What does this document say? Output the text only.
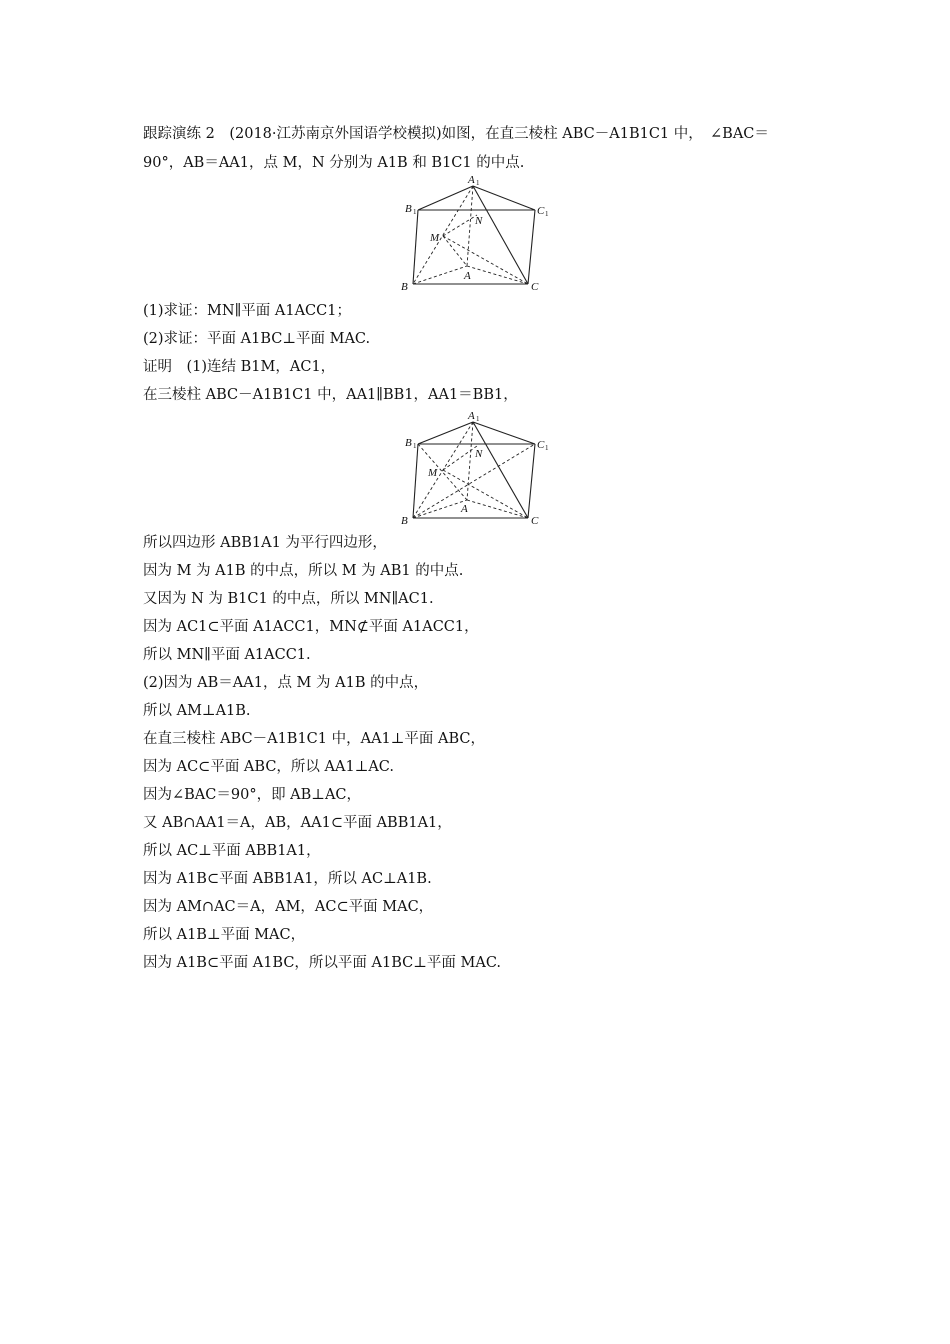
跟踪演练 2　(2018·江苏南京外国语学校模拟)如图，在直三棱柱 ABC－A1B1C1 中，　∠BAC＝
90°，AB＝AA1，点 M，N 分别为 A1B 和 B1C1 的中点.
A 1
B 1	C 1
N
M
A
B	C
(1)求证：MN∥平面 A1ACC1；
(2)求证：平面 A1BC⊥平面 MAC.
证明　(1)连结 B1M，AC1，
在三棱柱 ABC－A1B1C1 中，AA1∥BB1，AA1＝BB1，
A 1
B 1	C 1
N
M
A
B	C
所以四边形 ABB1A1 为平行四边形，
因为 M 为 A1B 的中点，所以 M 为 AB1 的中点.
又因为 N 为 B1C1 的中点，所以 MN∥AC1.
因为 AC1⊂平面 A1ACC1，MN⊄平面 A1ACC1，
所以 MN∥平面 A1ACC1.
(2)因为 AB＝AA1，点 M 为 A1B 的中点，
所以 AM⊥A1B.
在直三棱柱 ABC－A1B1C1 中，AA1⊥平面 ABC，
因为 AC⊂平面 ABC，所以 AA1⊥AC.
因为∠BAC＝90°，即 AB⊥AC，
又 AB∩AA1＝A，AB，AA1⊂平面 ABB1A1，
所以 AC⊥平面 ABB1A1，
因为 A1B⊂平面 ABB1A1，所以 AC⊥A1B.
因为 AM∩AC＝A，AM，AC⊂平面 MAC，
所以 A1B⊥平面 MAC，
因为 A1B⊂平面 A1BC，所以平面 A1BC⊥平面 MAC.
